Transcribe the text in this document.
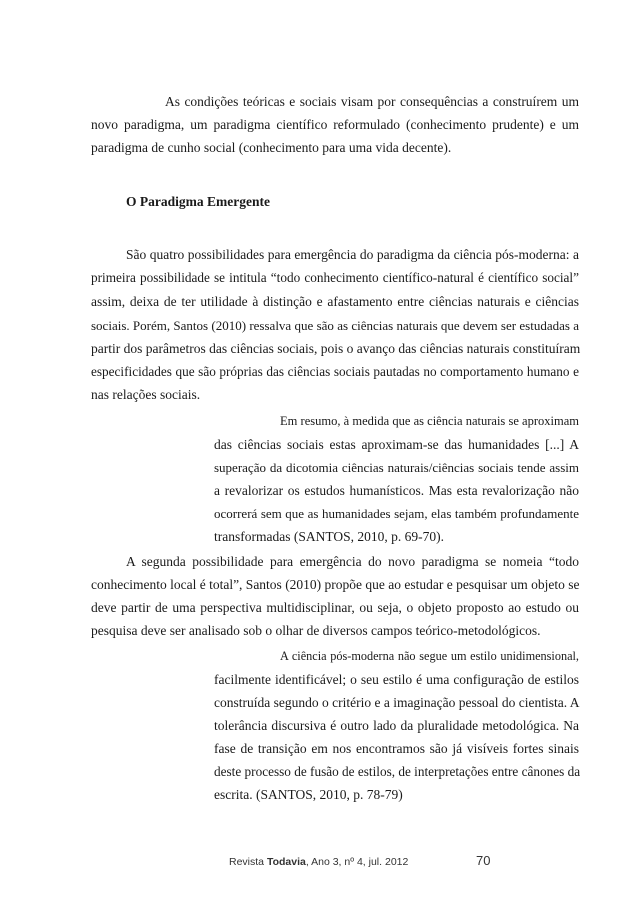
As condições teóricas e sociais visam por consequências a construírem um
novo paradigma, um paradigma científico reformulado (conhecimento prudente) e um
paradigma de cunho social (conhecimento para uma vida decente).
O Paradigma Emergente
São quatro possibilidades para emergência do paradigma da ciência pós-moderna: a
primeira possibilidade se intitula “todo conhecimento científico-natural é científico social”
assim, deixa de ter utilidade à distinção e afastamento entre ciências naturais e ciências
sociais. Porém, Santos (2010) ressalva que são as ciências naturais que devem ser estudadas a
partir dos parâmetros das ciências sociais, pois o avanço das ciências naturais constituíram
especificidades que são próprias das ciências sociais pautadas no comportamento humano e
nas relações sociais.
Em resumo, à medida que as ciência naturais se aproximam
das ciências sociais estas aproximam-se das humanidades [...] A
superação da dicotomia ciências naturais/ciências sociais tende assim
a revalorizar os estudos humanísticos. Mas esta revalorização não
ocorrerá sem que as humanidades sejam, elas também profundamente
transformadas (SANTOS, 2010, p. 69-70).
A segunda possibilidade para emergência do novo paradigma se nomeia “todo
conhecimento local é total”, Santos (2010) propõe que ao estudar e pesquisar um objeto se
deve partir de uma perspectiva multidisciplinar, ou seja, o objeto proposto ao estudo ou
pesquisa deve ser analisado sob o olhar de diversos campos teórico-metodológicos.
A ciência pós-moderna não segue um estilo unidimensional,
facilmente identificável; o seu estilo é uma configuração de estilos
construída segundo o critério e a imaginação pessoal do cientista. A
tolerância discursiva é outro lado da pluralidade metodológica. Na
fase de transição em nos encontramos são já visíveis fortes sinais
deste processo de fusão de estilos, de interpretações entre cânones da
escrita. (SANTOS, 2010, p. 78-79)
Revista Todavia, Ano 3, nº 4, jul. 2012	70
